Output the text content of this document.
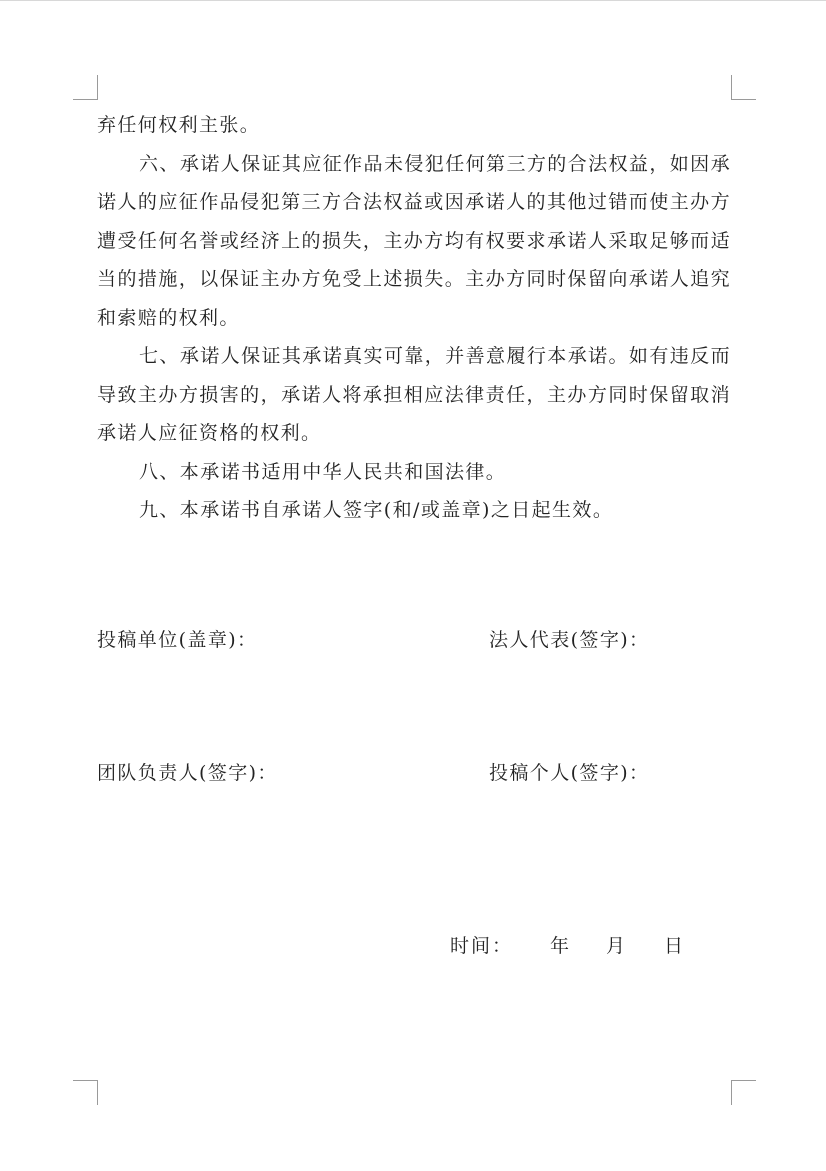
弃任何权利主张。

六、承诺人保证其应征作品未侵犯任何第三方的合法权益，如因承诺人的应征作品侵犯第三方合法权益或因承诺人的其他过错而使主办方遭受任何名誉或经济上的损失，主办方均有权要求承诺人采取足够而适当的措施，以保证主办方免受上述损失。主办方同时保留向承诺人追究和索赔的权利。

七、承诺人保证其承诺真实可靠，并善意履行本承诺。如有违反而导致主办方损害的，承诺人将承担相应法律责任，主办方同时保留取消承诺人应征资格的权利。

八、本承诺书适用中华人民共和国法律。

九、本承诺书自承诺人签字(和/或盖章)之日起生效。

投稿单位(盖章)：	法人代表(签字)：
团队负责人(签字)：	投稿个人(签字)：
时间： 年 月 日
